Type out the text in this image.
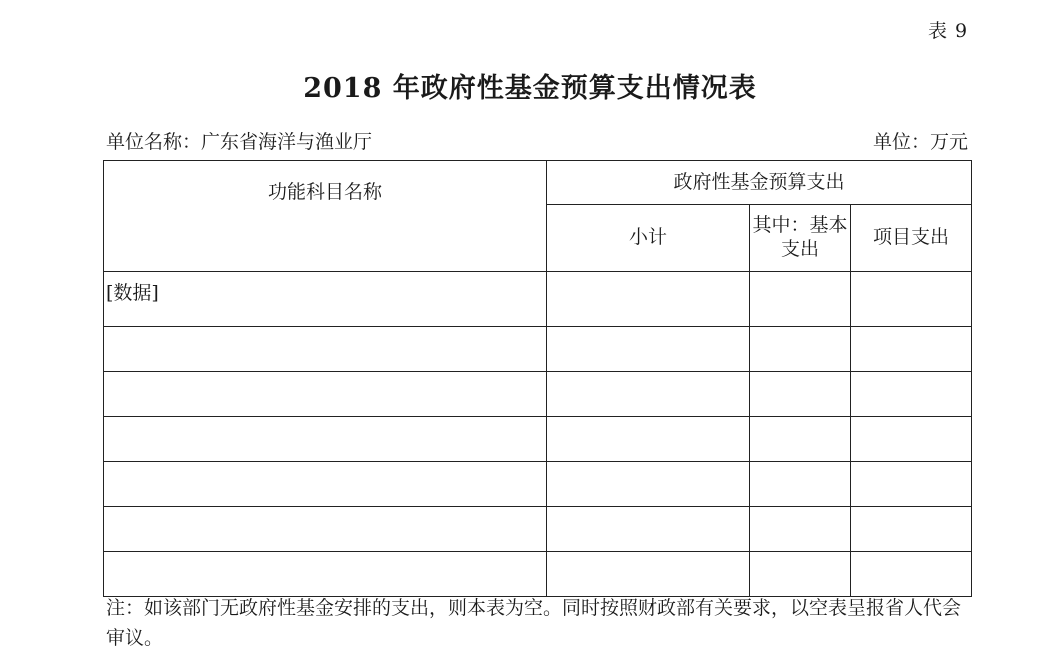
表 9
2018 年政府性基金预算支出情况表
单位名称：广东省海洋与渔业厅	单位：万元
功能科目名称	政府性基金预算支出		
	小计	其中：基本支出	项目支出
[数据]			

注：如该部门无政府性基金安排的支出，则本表为空。同时按照财政部有关要求，以空表呈报省人代会审议。
